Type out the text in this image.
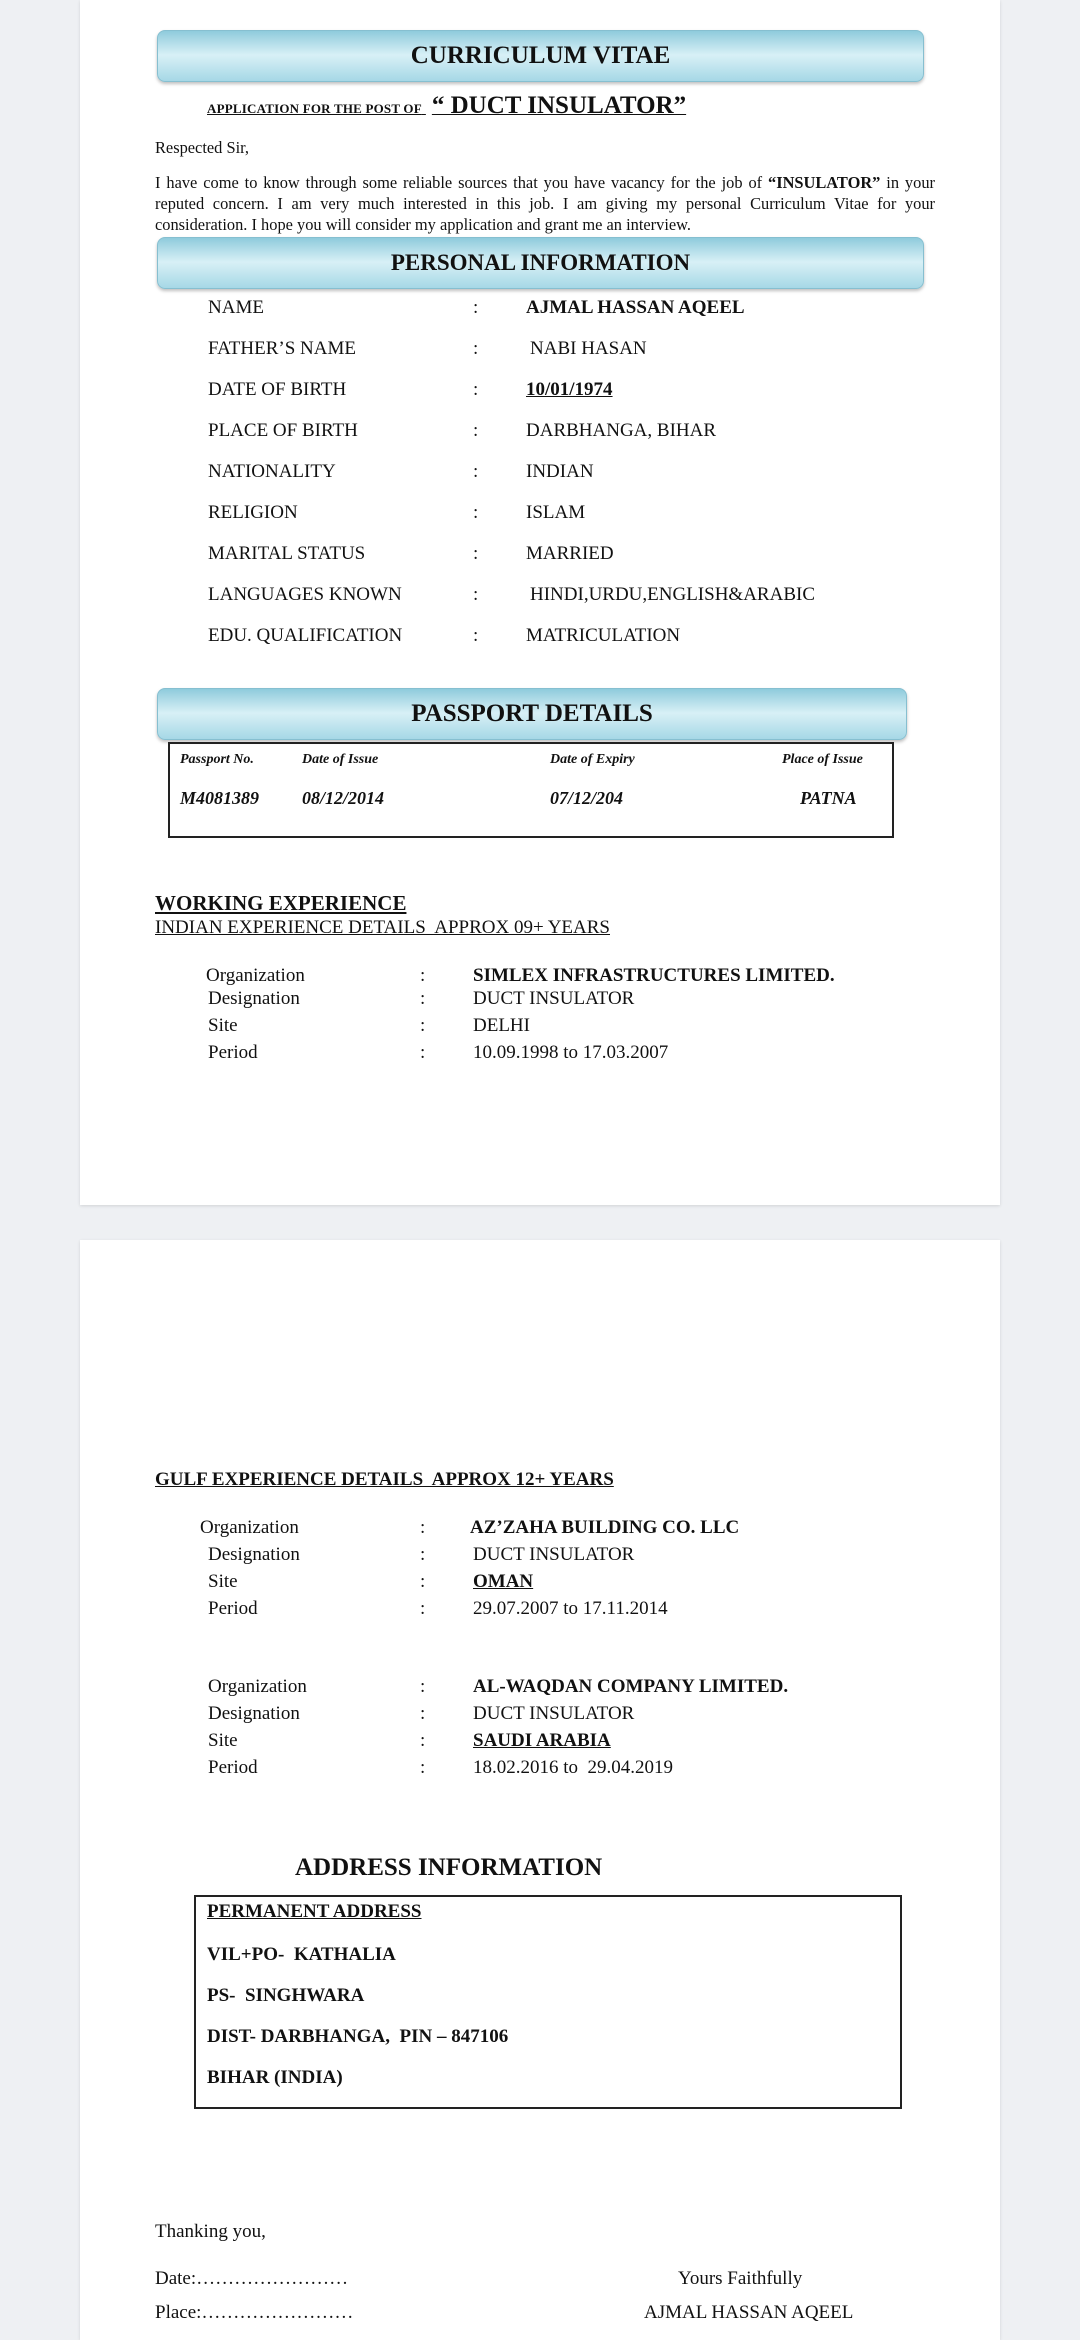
CURRICULUM VITAE
APPLICATION FOR THE POST OF “ DUCT INSULATOR”
Respected Sir,
I have come to know through some reliable sources that you have vacancy for the job of “INSULATOR” in your reputed concern. I am very much interested in this job. I am giving my personal Curriculum Vitae for your consideration. I hope you will consider my application and grant me an interview.
PERSONAL INFORMATION
NAME	:	AJMAL HASSAN AQEEL
FATHER’S NAME	:	NABI HASAN
DATE OF BIRTH	:	10/01/1974
PLACE OF BIRTH	:	DARBHANGA, BIHAR
NATIONALITY	:	INDIAN
RELIGION	:	ISLAM
MARITAL STATUS	:	MARRIED
LANGUAGES KNOWN	:	HINDI,URDU,ENGLISH&ARABIC
EDU. QUALIFICATION	:	MATRICULATION
PASSPORT DETAILS
Passport No.	Date of Issue	Date of Expiry	Place of Issue
M4081389 08/12/2014	07/12/204	PATNA
WORKING EXPERIENCE
INDIAN EXPERIENCE DETAILS  APPROX 09+ YEARS
Organization	:	SIMLEX INFRASTRUCTURES LIMITED.
Designation	:	DUCT INSULATOR
Site	:	DELHI
Period	:	10.09.1998 to 17.03.2007
GULF EXPERIENCE DETAILS  APPROX 12+ YEARS
Organization	: AZ’ZAHA BUILDING CO. LLC
Designation	:	DUCT INSULATOR
Site	:	OMAN
Period	:	29.07.2007 to 17.11.2014
Organization	:	AL-WAQDAN COMPANY LIMITED.
Designation	:	DUCT INSULATOR
Site	:	SAUDI ARABIA
Period	:	18.02.2016 to  29.04.2019
ADDRESS INFORMATION
PERMANENT ADDRESS
VIL+PO-  KATHALIA
PS-  SINGHWARA
DIST- DARBHANGA,  PIN – 847106
BIHAR (INDIA)
Thanking you,
Date:……………………
Place:……………………
Yours Faithfully
AJMAL HASSAN AQEEL
